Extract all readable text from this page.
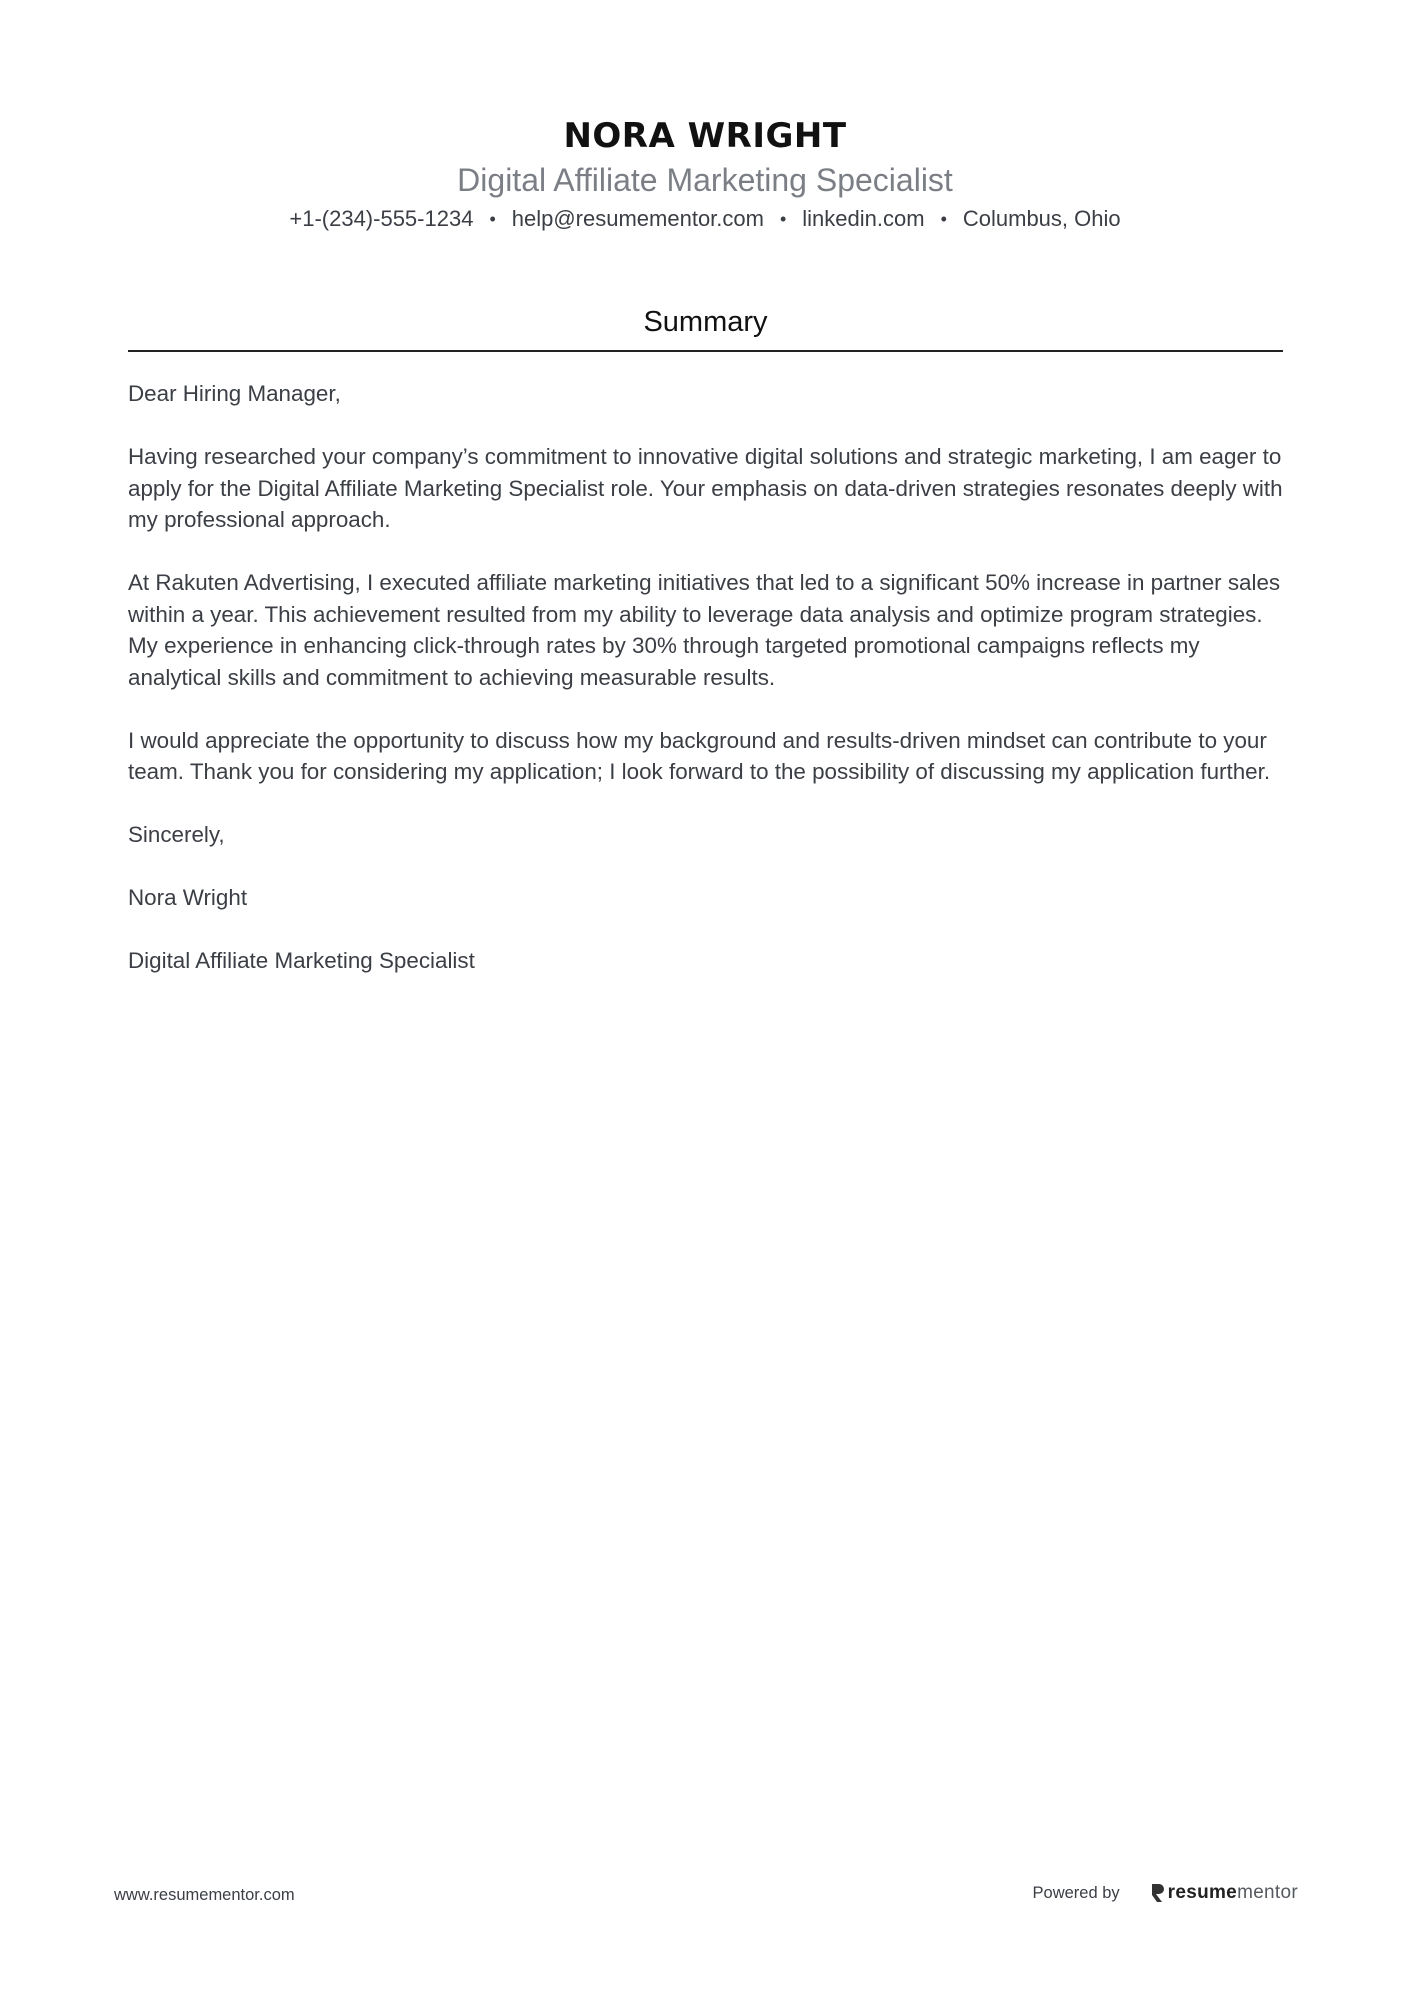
NORA WRIGHT
Digital Affiliate Marketing Specialist
+1-(234)-555-1234 • help@resumementor.com • linkedin.com • Columbus, Ohio
Summary

Dear Hiring Manager,

Having researched your company’s commitment to innovative digital solutions and strategic marketing, I am eager to apply for the Digital Affiliate Marketing Specialist role. Your emphasis on data-driven strategies resonates deeply with my professional approach.

At Rakuten Advertising, I executed affiliate marketing initiatives that led to a significant 50% increase in partner sales within a year. This achievement resulted from my ability to leverage data analysis and optimize program strategies. My experience in enhancing click-through rates by 30% through targeted promotional campaigns reflects my analytical skills and commitment to achieving measurable results.

I would appreciate the opportunity to discuss how my background and results-driven mindset can contribute to your team. Thank you for considering my application; I look forward to the possibility of discussing my application further.

Sincerely,

Nora Wright

Digital Affiliate Marketing Specialist

www.resumementor.com	Powered by	resume mentor
